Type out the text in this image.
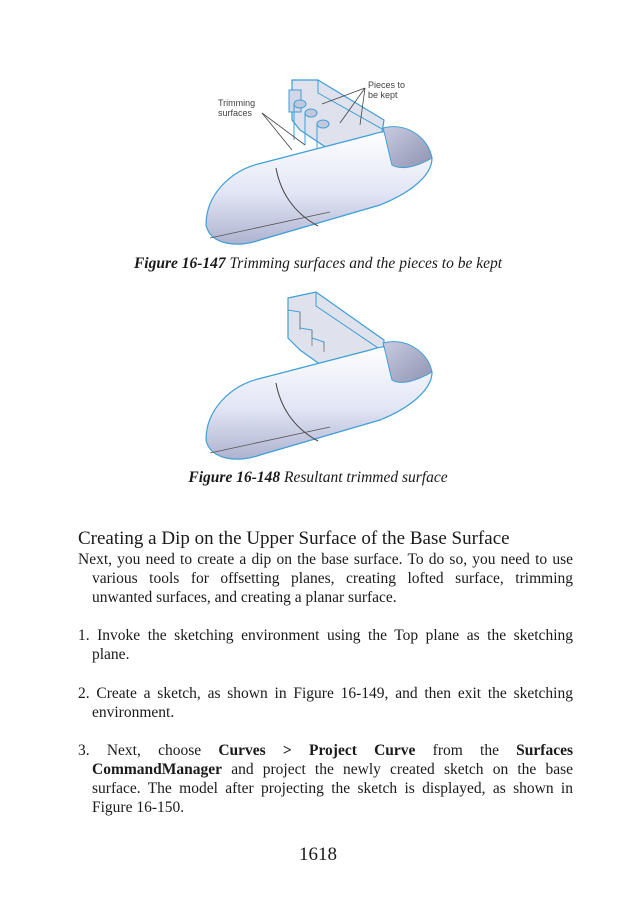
Trimming
surfaces
Pieces to
be kept
Figure 16-147 Trimming surfaces and the pieces to be kept
Figure 16-148 Resultant trimmed surface
Creating a Dip on the Upper Surface of the Base Surface

Next, you need to create a dip on the base surface. To do so, you need to use various tools for offsetting planes, creating lofted surface, trimming unwanted surfaces, and creating a planar surface.

1. Invoke the sketching environment using the Top plane as the sketching plane.

2. Create a sketch, as shown in Figure 16-149, and then exit the sketching environment.

3. Next, choose Curves > Project Curve from the Surfaces CommandManager and project the newly created sketch on the base surface. The model after projecting the sketch is displayed, as shown in Figure 16-150.

1618
